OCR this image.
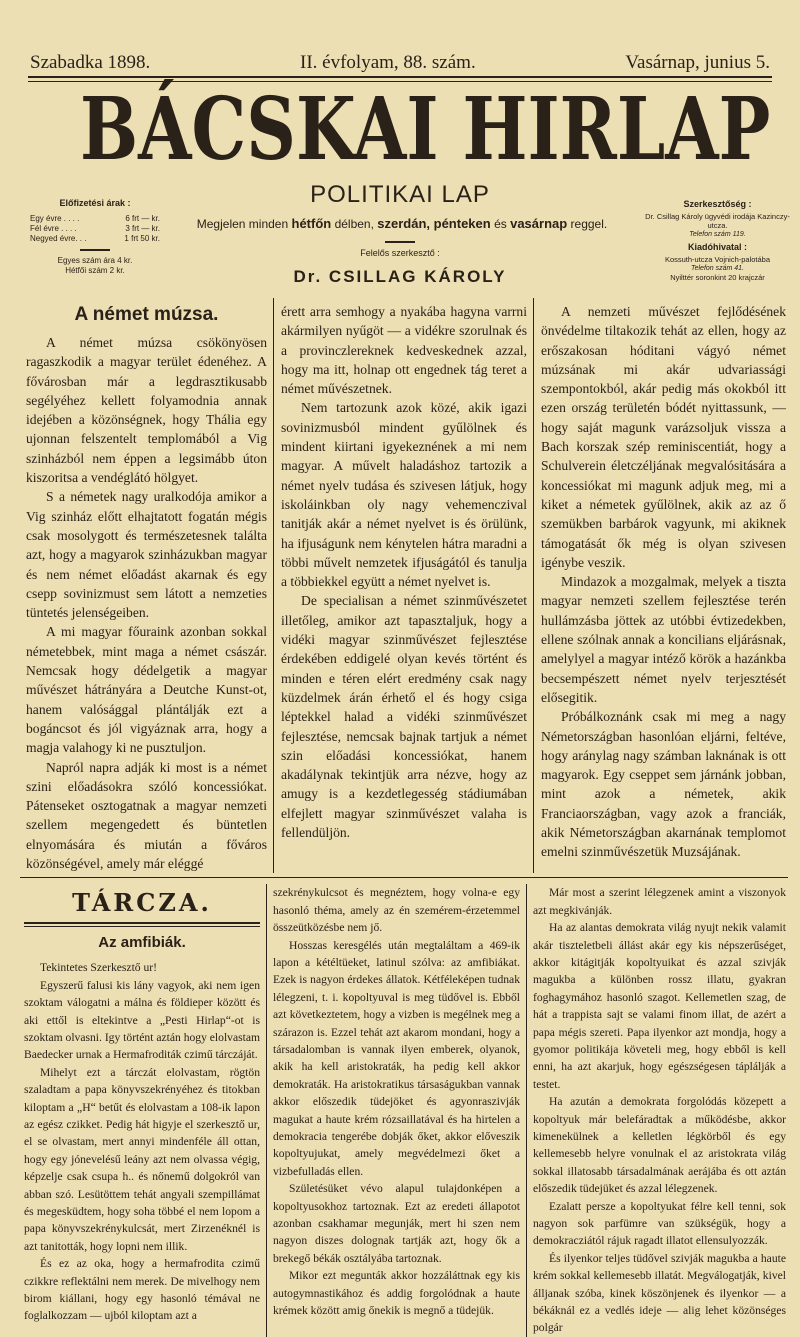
Szabadka 1898.	II. évfolyam, 88. szám.	Vasárnap, junius 5.
BÁCSKAI HIRLAP
POLITIKAI LAP
Előfizetési árak :
Egy évre . . . .	6 frt — kr.
Fél évre . . . .	3 frt — kr.
Negyed évre. . .	1 frt 50 kr.
Egyes szám ára 4 kr.
Hétfői szám 2 kr.
Megjelen minden hétfőn délben, szerdán, pénteken és vasárnap reggel.
Felelős szerkesztő :
Dr. CSILLAG KÁROLY
Szerkesztőség :
Dr. Csillag Károly ügyvédi irodája Kazinczy-utcza.
Telefon szám 119.
Kiadóhivatal :
Kossuth-utcza Vojnich-palotába
Telefon szám 41.
Nyilttér soronkint 20 krajczár
A német múzsa.

A német múzsa csökönyösen ragaszkodik a magyar terület édenéhez. A fővárosban már a legdrasztikusabb segélyéhez kellett folyamodnia annak idejében a közönségnek, hogy Thália egy ujonnan felszentelt templomából a Vig szinházból nem éppen a legsimább úton kiszoritsa a vendéglátó hölgyet.

S a németek nagy uralkodója amikor a Vig szinház előtt elhajtatott fogatán mégis csak mosolygott és természetesnek találta azt, hogy a magyarok szinházukban magyar és nem német előadást akarnak és egy csepp sovinizmust sem látott a nemzeties tüntetés jelenségeiben.

A mi magyar főuraink azonban sokkal németebbek, mint maga a német császár. Nemcsak hogy dédelgetik a magyar művészet hátrányára a Deutche Kunst-ot, hanem valósággal plántálják ezt a bogáncsot és jól vigyáznak arra, hogy a magja valahogy ki ne pusztuljon.

Napról napra adják ki most is a német szini előadásokra szóló koncessiókat. Pátenseket osztogatnak a magyar nemzeti szellem megengedett és büntetlen elnyomására és miután a főváros közönségével, amely már eléggé

érett arra semhogy a nyakába hagyna varrni akármilyen nyűgöt — a vidékre szorulnak és a provinczlereknek kedveskednek azzal, hogy ma itt, holnap ott engednek tág teret a német művészetnek.

Nem tartozunk azok közé, akik igazi sovinizmusból mindent gyűlölnek és mindent kiirtani igyekeznének a mi nem magyar. A művelt haladáshoz tartozik a német nyelv tudása és szivesen látjuk, hogy iskoláinkban oly nagy vehemenczival tanitják akár a német nyelvet is és örülünk, ha ifjuságunk nem kénytelen hátra maradni a többi művelt nemzetek ifjuságától és tanulja a többiekkel együtt a német nyelvet is.

De specialisan a német szinművészetet illetőleg, amikor azt tapasztaljuk, hogy a vidéki magyar szinművészet fejlesztése érdekében eddigelé olyan kevés történt és minden e téren elért eredmény csak nagy küzdelmek árán érhető el és hogy csiga léptekkel halad a vidéki szinművészet fejlesztése, nemcsak bajnak tartjuk a német szin előadási koncessiókat, hanem akadálynak tekintjük arra nézve, hogy az amugy is a kezdetlegesség stádiumában elfejlett magyar szinművészet valaha is fellendüljön.

A nemzeti művészet fejlődésének önvédelme tiltakozik tehát az ellen, hogy az erőszakosan hóditani vágyó német múzsának mi akár udvariassági szempontokból, akár pedig más okokból itt ezen ország területén bódét nyittassunk, — hogy saját magunk varázsoljuk vissza a Bach korszak szép reminiscentiát, hogy a Schulverein életczéljának megvalósitására a koncessiókat mi magunk adjuk meg, mi a kiket a németek gyűlölnek, akik az az ő szemükben barbárok vagyunk, mi akiknek támogatását ők még is olyan szivesen igénybe veszik.

Mindazok a mozgalmak, melyek a tiszta magyar nemzeti szellem fejlesztése terén hullámzásba jöttek az utóbbi évtizedekben, ellene szólnak annak a koncilians eljárásnak, amelylyel a magyar intéző körök a hazánkba becsempészett német nyelv terjesztését elősegitik.

Próbálkoznánk csak mi meg a nagy Németországban hasonlóan eljárni, feltéve, hogy aránylag nagy számban laknának is ott magyarok. Egy cseppet sem járnánk jobban, mint azok a németek, akik Franciaországban, vagy azok a franciák, akik Németországban akarnának templomot emelni szinművészetük Muzsájának.

TÁRCZA.
Az amfibiák.

Tekintetes Szerkesztő ur!

Egyszerű falusi kis lány vagyok, aki nem igen szoktam válogatni a málna és földieper között és aki ettől is eltekintve a „Pesti Hirlap“-ot is szoktam olvasni. Igy történt aztán hogy elolvastam Baedecker urnak a Hermafroditák czimű tárczáját.

Mihelyt ezt a tárczát elolvastam, rögtön szaladtam a papa könyvszekrényéhez és titokban kiloptam a „H“ betűt és elolvastam a 108-ik lapon az egész czikket. Pedig hát higyje el szerkesztő ur, el se olvastam, mert annyi mindenféle áll ottan, hogy egy jónevelésű leány azt nem olvassa végig, képzelje csak csupa h.. és nőnemű dolgokról van abban szó. Lesütöttem tehát angyali szempillámat és megesküdtem, hogy soha többé el nem lopom a papa könyvszekrénykulcsát, mert Zirzenéknél is azt tanitották, hogy lopni nem illik.

És ez az oka, hogy a hermafrodita czimű czikkre reflektálni nem merek. De mivelhogy nem birom kiállani, hogy egy hasonló témával ne foglalkozzam — ujból kiloptam azt a

szekrénykulcsot és megnéztem, hogy volna-e egy hasonló théma, amely az én szemérem-érzetemmel összeütközésbe nem jő.

Hosszas keresgélés után megtaláltam a 469-ik lapon a kétéltüeket, latinul szólva: az amfibiákat. Ezek is nagyon érdekes állatok. Kétféleképen tudnak lélegzeni, t. i. kopoltyuval is meg tüdővel is. Ebből azt következtetem, hogy a vizben is megélnek meg a szárazon is. Ezzel tehát azt akarom mondani, hogy a társadalomban is vannak ilyen emberek, olyanok, akik ha kell aristokraták, ha pedig kell akkor demokraták. Ha aristokratikus társaságukban vannak akkor előszedik tüdejöket és agyonraszivják magukat a haute krém rózsaillatával és ha hirtelen a demokracia tengerébe dobják őket, akkor előveszik kopoltyujukat, amely megvédelmezi őket a vizbefulladás ellen.

Születésüket vévo alapul tulajdonképen a kopoltyusokhoz tartoznak. Ezt az eredeti állapotot azonban csakhamar megunják, mert hi szen nem nagyon diszes dolognak tartják azt, hogy ők a brekegő békák osztályába tartoznak.

Mikor ezt megunták akkor hozzáláttnak egy kis autogymnastikához és addig forgolódnak a haute krémek között amig őnekik is megnő a tüdejük.

Már most a szerint lélegzenek amint a viszonyok azt megkivánják.

Ha az alantas demokrata világ nyujt nekik valamit akár tiszteletbeli állást akár egy kis népszerűséget, akkor kitágitják kopoltyuikat és azzal szivják magukba a különben rossz illatu, gyakran foghagymához hasonló szagot. Kellemetlen szag, de hát a trappista sajt se valami finom illat, de azért a papa mégis szereti. Papa ilyenkor azt mondja, hogy a gyomor politikája követeli meg, hogy ebből is kell enni, ha azt akarjuk, hogy egészségesen táplálják a testet.

Ha azután a demokrata forgolódás közepett a kopoltyuk már belefáradtak a működésbe, akkor kimenekülnek a kelletlen légkörből és egy kellemesebb helyre vonulnak el az aristokrata világ sokkal illatosabb társadalmának aerájába és ott aztán előszedik tüdejüket és azzal lélegzenek.

Ezalatt persze a kopoltyukat félre kell tenni, sok nagyon sok parfümre van szükségük, hogy a demokracziától rájuk ragadt illatot ellensulyozzák.

És ilyenkor teljes tüdővel szivják magukba a haute krém sokkal kellemesebb illatát. Megválogatják, kivel álljanak szóba, kinek köszönjenek és ilyenkor — a békáknál ez a vedlés ideje — alig lehet közönséges polgár
